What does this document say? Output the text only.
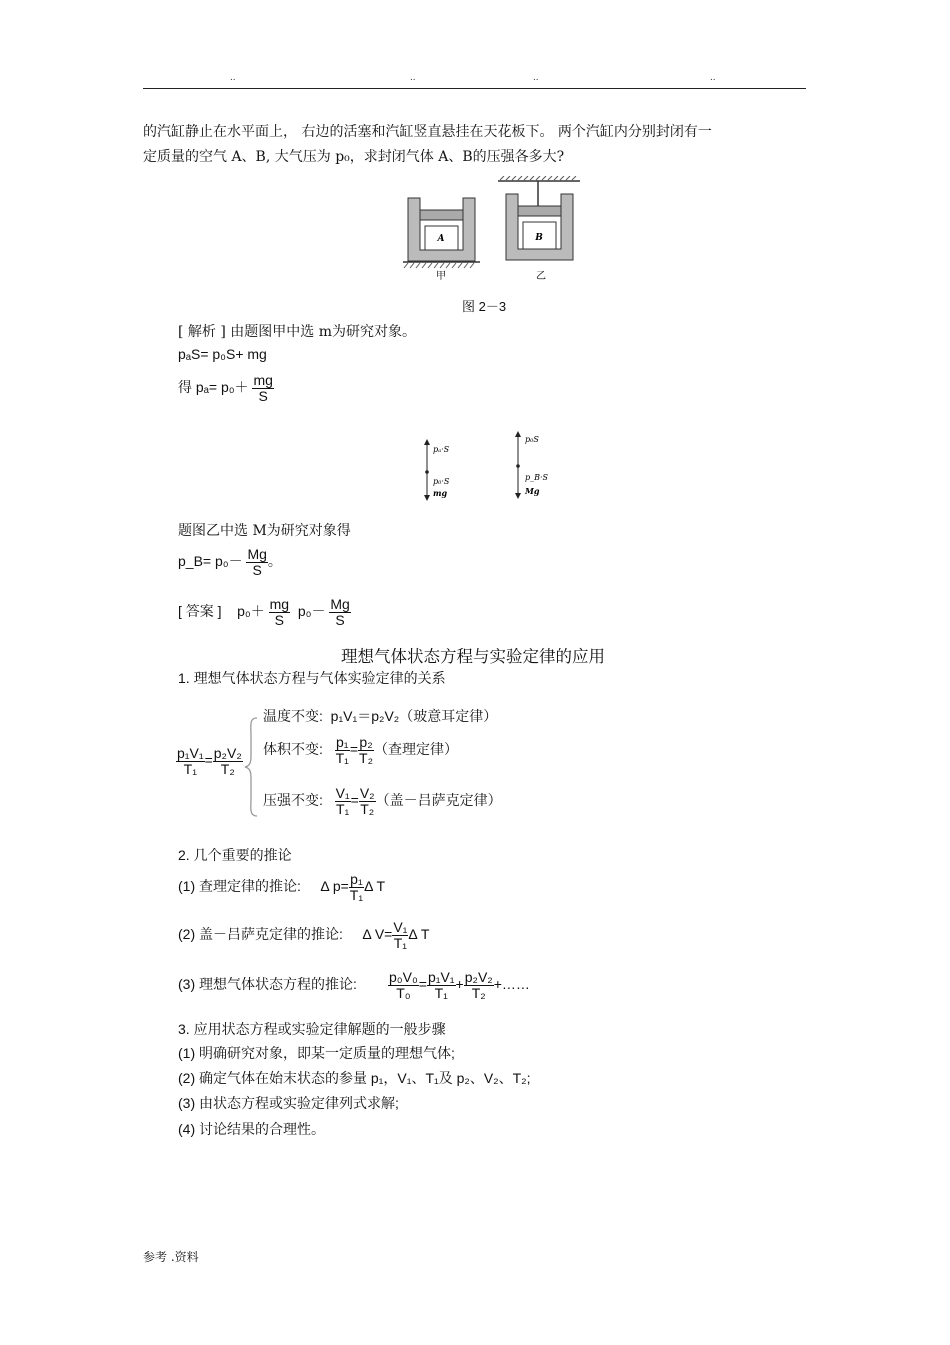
..	..	..	..
的汽缸静止在水平面上， 右边的活塞和汽缸竖直悬挂在天花板下。 两个汽缸内分别封闭有一
定质量的空气 A、B, 大气压为 p₀，求封闭气体 A、B的压强各多大?
A	B
甲	乙
图 2－3
[ 解析 ] 由题图甲中选 m为研究对象。
pₐS= p₀S+ mg
得 $p_a= p_0+ \frac{mg}{S}$
pₐ·S
p₀·S
mg
p₀S
p_B·S
Mg
题图乙中选 M为研究对象得
p_B= $p_0- \frac{Mg}{S}$ 。
[ 答案 ] $p_0+ \frac{mg}{S} p_0- \frac{Mg}{S}$
理想气体状态方程与实验定律的应用
1. 理想气体状态方程与气体实验定律的关系
$\frac{\text{p₁V₁}}{\text{T₁}} = \frac{\text{p₂V₂}}{\text{T₂}}$
温度不变: p₁V₁＝p₂V₂（玻意耳定律）
体积不变: $\frac{\text{p₁}}{\text{T₁}} = \frac{\text{p₂}}{\text{T₂}}$ （查理定律）
压强不变: $\frac{\text{V₁}}{\text{T₁}} = \frac{\text{V₂}}{\text{T₂}}$ （盖－吕萨克定律）
2. 几个重要的推论
(1) 查理定律的推论: Δ $p= \frac{\text{p₁}}{\text{T₁}}$ Δ T
(2) 盖－吕萨克定律的推论: Δ $V= \frac{\text{V₁}}{\text{T₁}}$ Δ T
(3) 理想气体状态方程的推论: $\frac{\text{p₀V₀}}{\text{T₀}} = \frac{\text{p₁V₁}}{\text{T₁}} + \frac{\text{p₂V₂}}{\text{T₂}}$ +……
3. 应用状态方程或实验定律解题的一般步骤
(1) 明确研究对象，即某一定质量的理想气体;
(2) 确定气体在始末状态的参量 p₁，V₁、T₁及 p₂、V₂、T₂;
(3) 由状态方程或实验定律列式求解;
(4) 讨论结果的合理性。
参考 .资料
